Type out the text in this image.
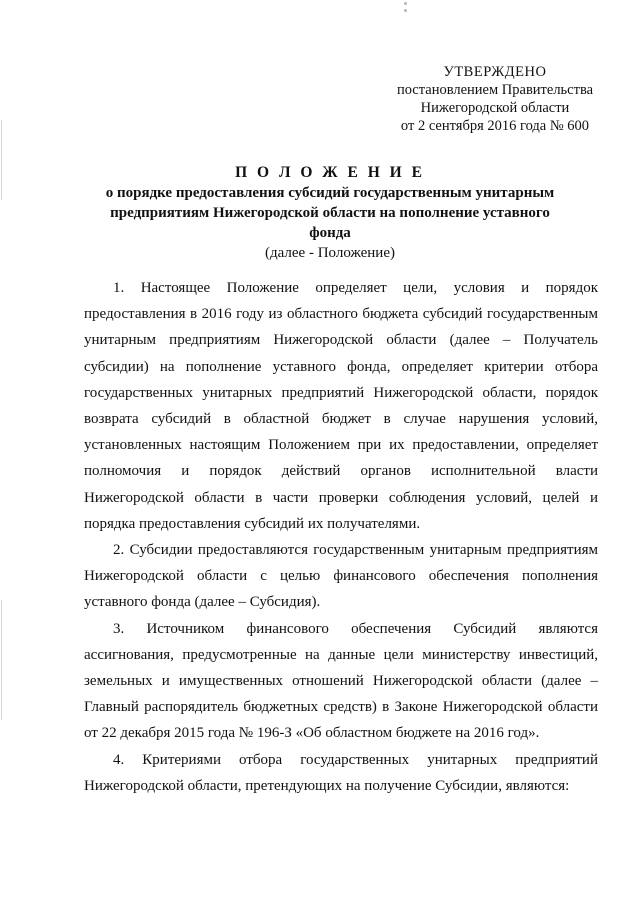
УТВЕРЖДЕНО
постановлением Правительства
Нижегородской области
от 2 сентября 2016 года № 600
П О Л О Ж Е Н И Е
о порядке предоставления субсидий государственным унитарным предприятиям Нижегородской области на пополнение уставного фонда
(далее - Положение)

1. Настоящее Положение определяет цели, условия и порядок предоставления в 2016 году из областного бюджета субсидий государственным унитарным предприятиям Нижегородской области (далее – Получатель субсидии) на пополнение уставного фонда, определяет критерии отбора государственных унитарных предприятий Нижегородской области, порядок возврата субсидий в областной бюджет в случае нарушения условий, установленных настоящим Положением при их предоставлении, определяет полномочия и порядок действий органов исполнительной власти Нижегородской области в части проверки соблюдения условий, целей и порядка предоставления субсидий их получателями.

2. Субсидии предоставляются государственным унитарным предприятиям Нижегородской области с целью финансового обеспечения пополнения уставного фонда (далее – Субсидия).

3. Источником финансового обеспечения Субсидий являются ассигнования, предусмотренные на данные цели министерству инвестиций, земельных и имущественных отношений Нижегородской области (далее – Главный распорядитель бюджетных средств) в Законе Нижегородской области от 22 декабря 2015 года № 196-З «Об областном бюджете на 2016 год».

4. Критериями отбора государственных унитарных предприятий Нижегородской области, претендующих на получение Субсидии, являются:
